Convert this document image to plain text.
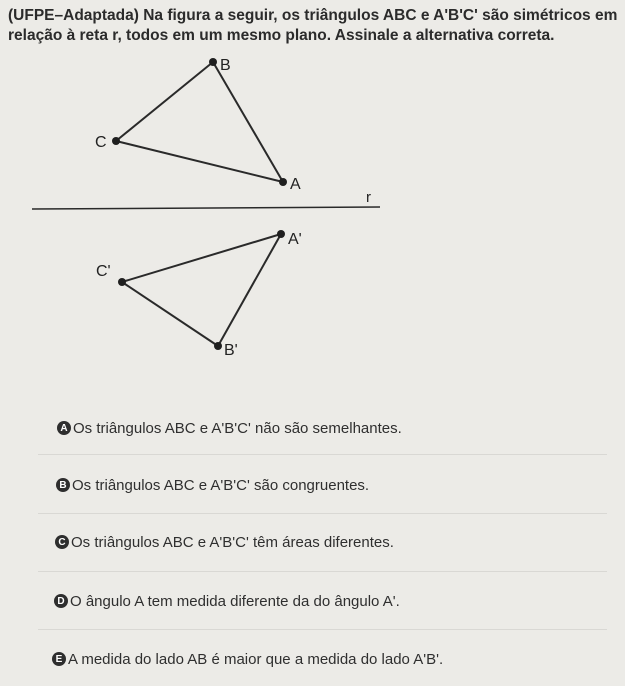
(UFPE–Adaptada) Na figura a seguir, os triângulos ABC e A'B'C' são simétricos em relação à reta r, todos em um mesmo plano. Assinale a alternativa correta.

B
C
A
r
A'
C'
B'
A Os triângulos ABC e A'B'C' não são semelhantes.
B Os triângulos ABC e A'B'C' são congruentes.
C Os triângulos ABC e A'B'C' têm áreas diferentes.
D O ângulo A tem medida diferente da do ângulo A'.
E A medida do lado AB é maior que a medida do lado A'B'.
